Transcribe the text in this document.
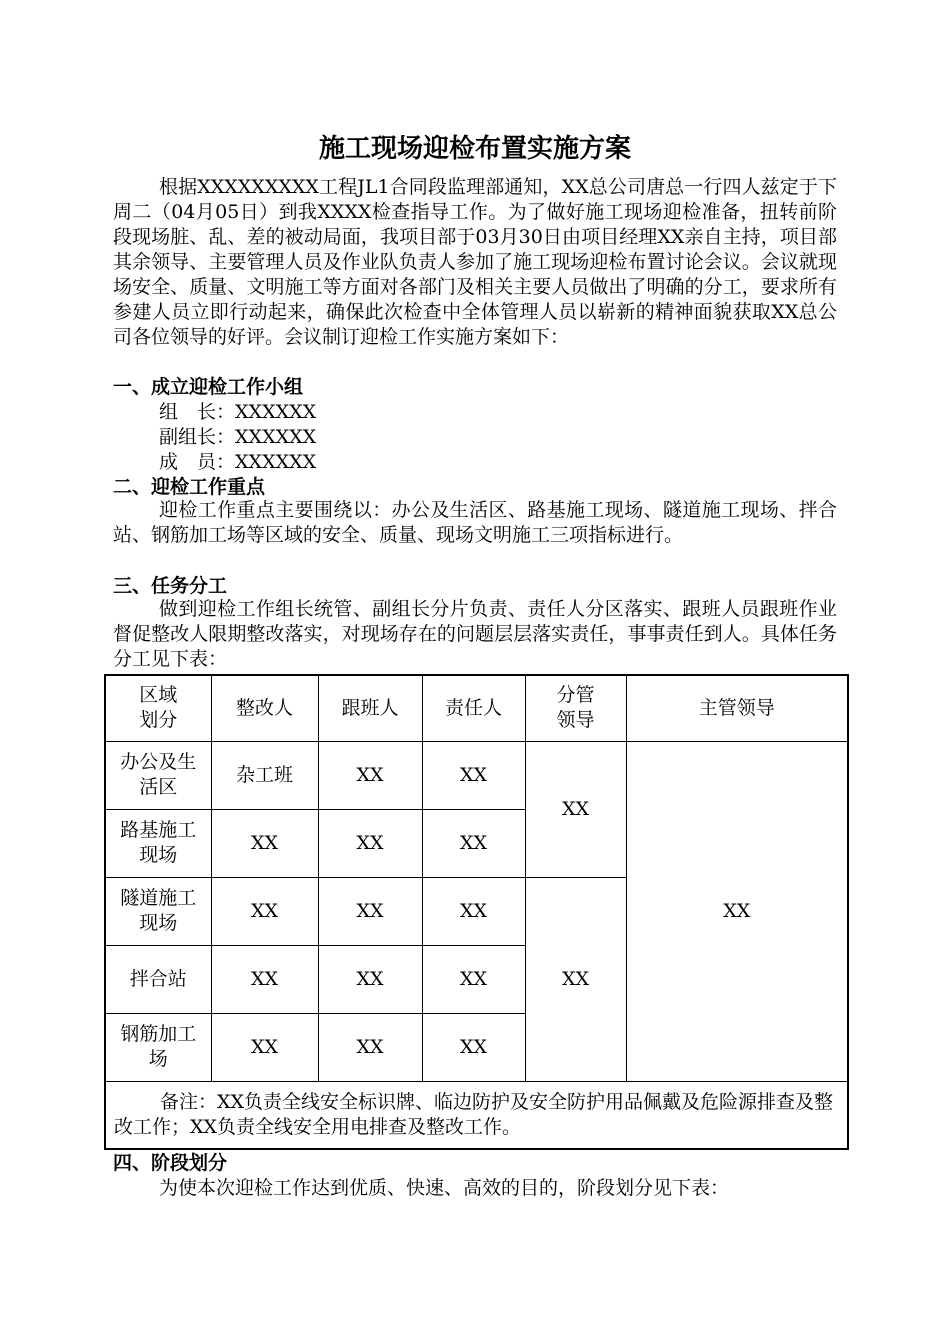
施工现场迎检布置实施方案

根据XXXXXXXXX工程JL1合同段监理部通知，XX总公司唐总一行四人兹定于下周二（04月05日）到我XXXX检查指导工作。为了做好施工现场迎检准备，扭转前阶段现场脏、乱、差的被动局面，我项目部于03月30日由项目经理XX亲自主持，项目部其余领导、主要管理人员及作业队负责人参加了施工现场迎检布置讨论会议。会议就现场安全、质量、文明施工等方面对各部门及相关主要人员做出了明确的分工，要求所有参建人员立即行动起来，确保此次检查中全体管理人员以崭新的精神面貌获取XX总公司各位领导的好评。会议制订迎检工作实施方案如下：

一、成立迎检工作小组

组　长：XXXXXX

副组长：XXXXXX

成　员：XXXXXX

二、迎检工作重点

迎检工作重点主要围绕以：办公及生活区、路基施工现场、隧道施工现场、拌合站、钢筋加工场等区域的安全、质量、现场文明施工三项指标进行。

三、任务分工

做到迎检工作组长统管、副组长分片负责、责任人分区落实、跟班人员跟班作业督促整改人限期整改落实，对现场存在的问题层层落实责任，事事责任到人。具体任务分工见下表：

区域划分	整改人	跟班人	责任人	分管领导	主管领导
办公及生活区	杂工班	XX	XX	XX	XX
路基施工现场	XX	XX	XX		
隧道施工现场	XX	XX	XX	XX	
拌合站	XX	XX	XX		
钢筋加工场	XX	XX	XX		
备注：XX负责全线安全标识牌、临边防护及安全防护用品佩戴及危险源排查及整改工作；XX负责全线安全用电排查及整改工作。					

四、阶段划分

为使本次迎检工作达到优质、快速、高效的目的，阶段划分见下表：
